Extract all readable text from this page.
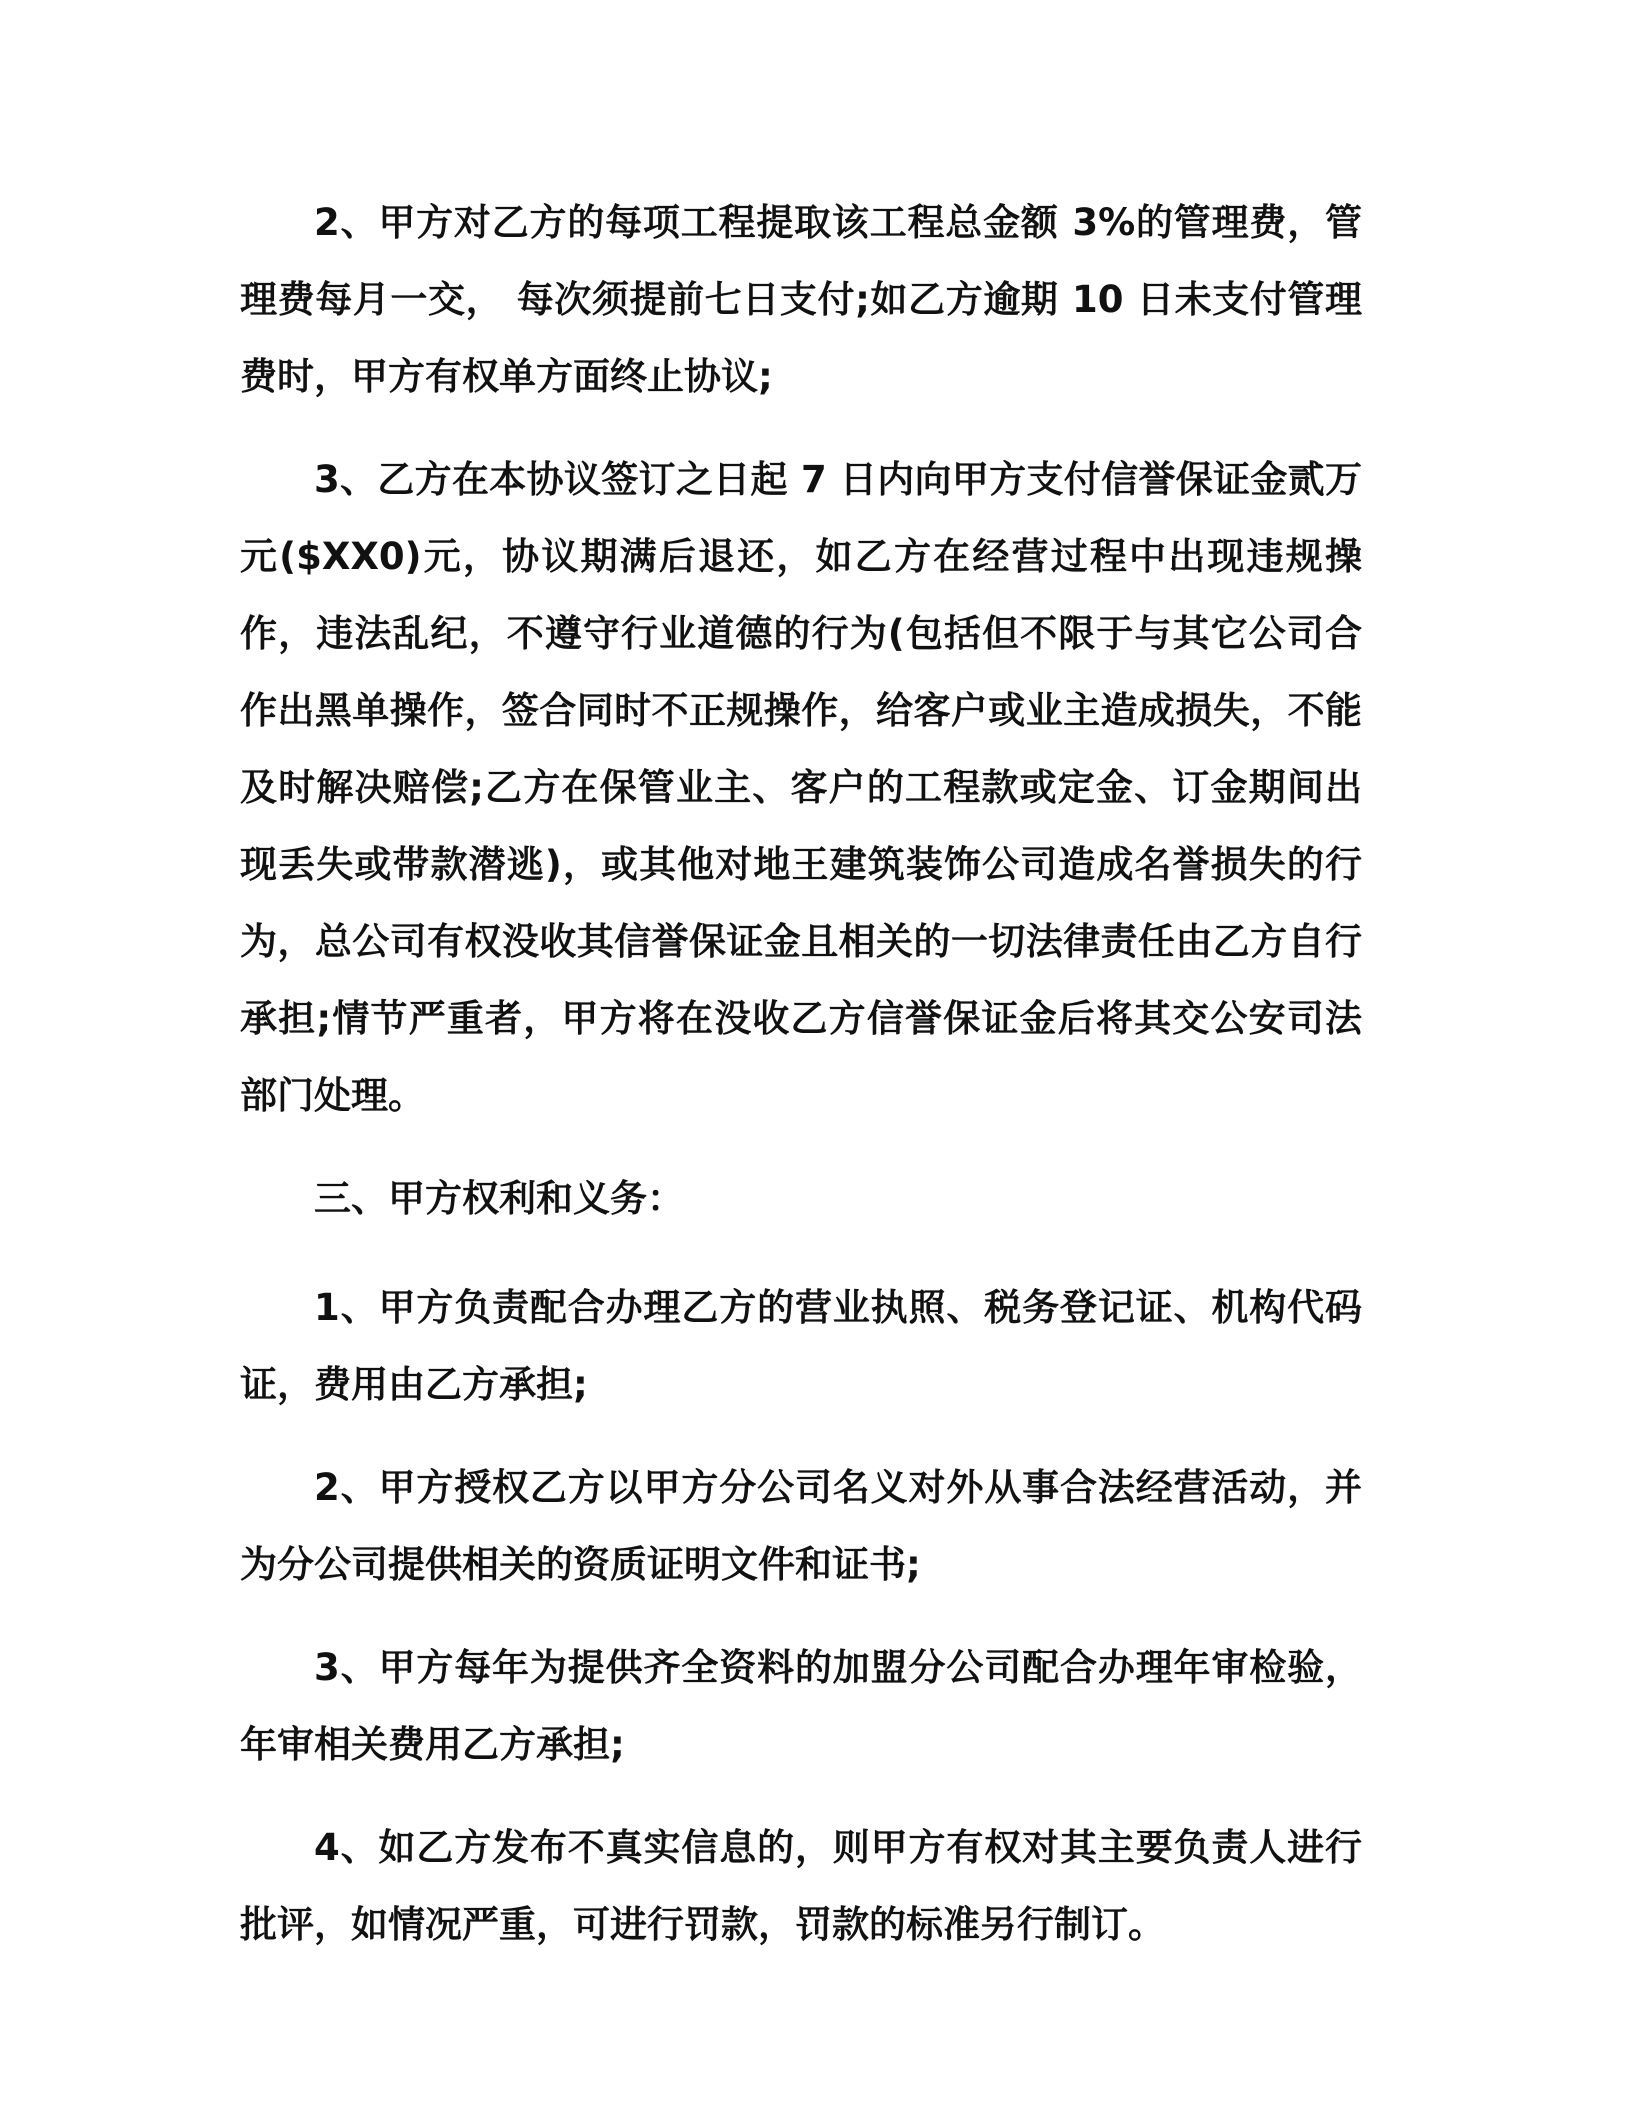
2、甲方对乙方的每项工程提取该工程总金额 3%的管理费，管理费每月一交， 每次须提前七日支付;如乙方逾期 10 日未支付管理费时，甲方有权单方面终止协议;

3、乙方在本协议签订之日起 7 日内向甲方支付信誉保证金贰万元($XX0)元，协议期满后退还，如乙方在经营过程中出现违规操作，违法乱纪，不遵守行业道德的行为(包括但不限于与其它公司合作出黑单操作，签合同时不正规操作，给客户或业主造成损失，不能及时解决赔偿;乙方在保管业主、客户的工程款或定金、订金期间出现丢失或带款潜逃)，或其他对地王建筑装饰公司造成名誉损失的行为，总公司有权没收其信誉保证金且相关的一切法律责任由乙方自行承担;情节严重者，甲方将在没收乙方信誉保证金后将其交公安司法部门处理。

三、甲方权利和义务：

1、甲方负责配合办理乙方的营业执照、税务登记证、机构代码证，费用由乙方承担;

2、甲方授权乙方以甲方分公司名义对外从事合法经营活动，并为分公司提供相关的资质证明文件和证书;

3、甲方每年为提供齐全资料的加盟分公司配合办理年审检验，年审相关费用乙方承担;

4、如乙方发布不真实信息的，则甲方有权对其主要负责人进行批评，如情况严重，可进行罚款，罚款的标准另行制订。
